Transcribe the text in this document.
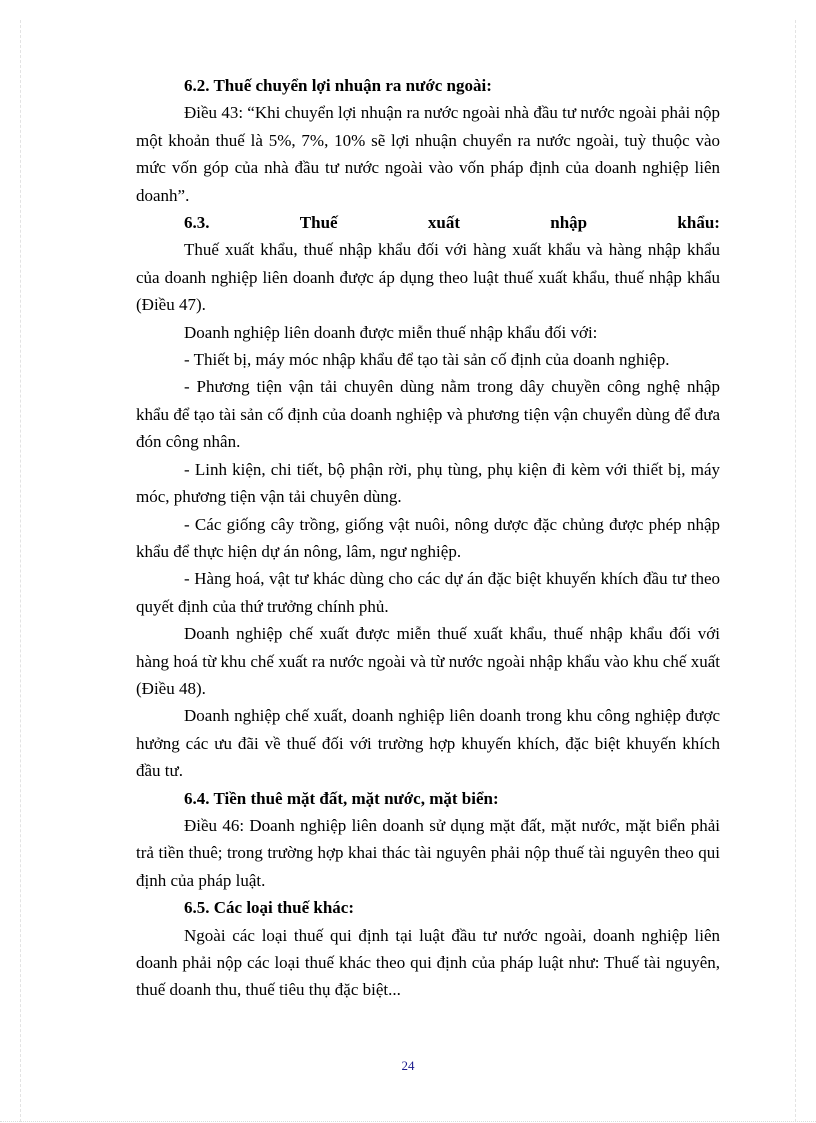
6.2. Thuế chuyển lợi nhuận ra nước ngoài:

Điều 43: “Khi chuyển lợi nhuận ra nước ngoài nhà đầu tư nước ngoài phải nộp một khoản thuế là 5%, 7%, 10% sẽ lợi nhuận chuyển ra nước ngoài, tuỳ thuộc vào mức vốn góp của nhà đầu tư nước ngoài vào vốn pháp định của doanh nghiệp liên doanh”.

6.3.	Thuế	xuất	nhập	khẩu:

Thuế xuất khẩu, thuế nhập khẩu đối với hàng xuất khẩu và hàng nhập khẩu của doanh nghiệp liên doanh được áp dụng theo luật thuế xuất khẩu, thuế nhập khẩu (Điều 47).

Doanh nghiệp liên doanh được miễn thuế nhập khẩu đối với:

- Thiết bị, máy móc nhập khẩu để tạo tài sản cố định của doanh nghiệp.

- Phương tiện vận tải chuyên dùng nằm trong dây chuyền công nghệ nhập khẩu để tạo tài sản cố định của doanh nghiệp và phương tiện vận chuyển dùng để đưa đón công nhân.

- Linh kiện, chi tiết, bộ phận rời, phụ tùng, phụ kiện đi kèm với thiết bị, máy móc, phương tiện vận tải chuyên dùng.

- Các giống cây trồng, giống vật nuôi, nông dược đặc chủng được phép nhập khẩu để thực hiện dự án nông, lâm, ngư nghiệp.

- Hàng hoá, vật tư khác dùng cho các dự án đặc biệt khuyến khích đầu tư theo quyết định của thứ trưởng chính phủ.

Doanh nghiệp chế xuất được miễn thuế xuất khẩu, thuế nhập khẩu đối với hàng hoá từ khu chế xuất ra nước ngoài và từ nước ngoài nhập khẩu vào khu chế xuất (Điều 48).

Doanh nghiệp chế xuất, doanh nghiệp liên doanh trong khu công nghiệp được hưởng các ưu đãi về thuế đối với trường hợp khuyến khích, đặc biệt khuyến khích đầu tư.

6.4. Tiền thuê mặt đất, mặt nước, mặt biển:

Điều 46: Doanh nghiệp liên doanh sử dụng mặt đất, mặt nước, mặt biển phải trả tiền thuê; trong trường hợp khai thác tài nguyên phải nộp thuế tài nguyên theo qui định của pháp luật.

6.5. Các loại thuế khác:

Ngoài các loại thuế qui định tại luật đầu tư nước ngoài, doanh nghiệp liên doanh phải nộp các loại thuế khác theo qui định của pháp luật như: Thuế tài nguyên, thuế doanh thu, thuế tiêu thụ đặc biệt...

24
